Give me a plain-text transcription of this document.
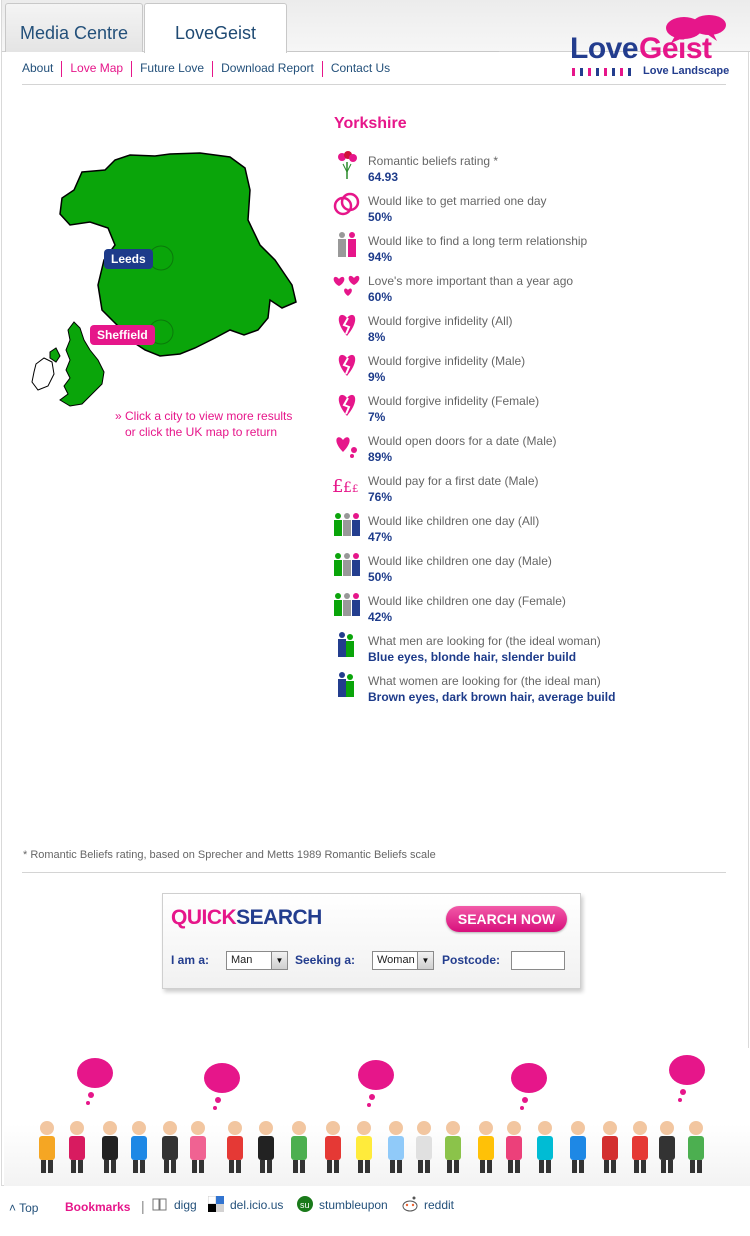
Media Centre	LoveGeist	Love Geist
Love Landscape
About	Love Map	Future Love	Download Report	Contact Us
Leeds
Sheffield
» Click a city to view more results
or click the UK map to return
Yorkshire
Romantic beliefs rating *
64.93
Would like to get married one day
50%
Would like to find a long term relationship
94%
Love's more important than a year ago
60%
Would forgive infidelity (All)
8%
Would forgive infidelity (Male)
9%
Would forgive infidelity (Female)
7%
Would open doors for a date (Male)
89%
£ £ £
Would pay for a first date (Male)
76%
Would like children one day (All)
47%
Would like children one day (Male)
50%
Would like children one day (Female)
42%
What men are looking for (the ideal woman)
Blue eyes, blonde hair, slender build
What women are looking for (the ideal man)
Brown eyes, dark brown hair, average build
* Romantic Beliefs rating, based on Sprecher and Metts 1989 Romantic Beliefs scale
QUICKSEARCH	SEARCH NOW
I am a:	Man	▼ Seeking a:	Woman ▼ Postcode:
˄ Top Bookmarks | digg	del.icio.us su stumbleupon	reddit
